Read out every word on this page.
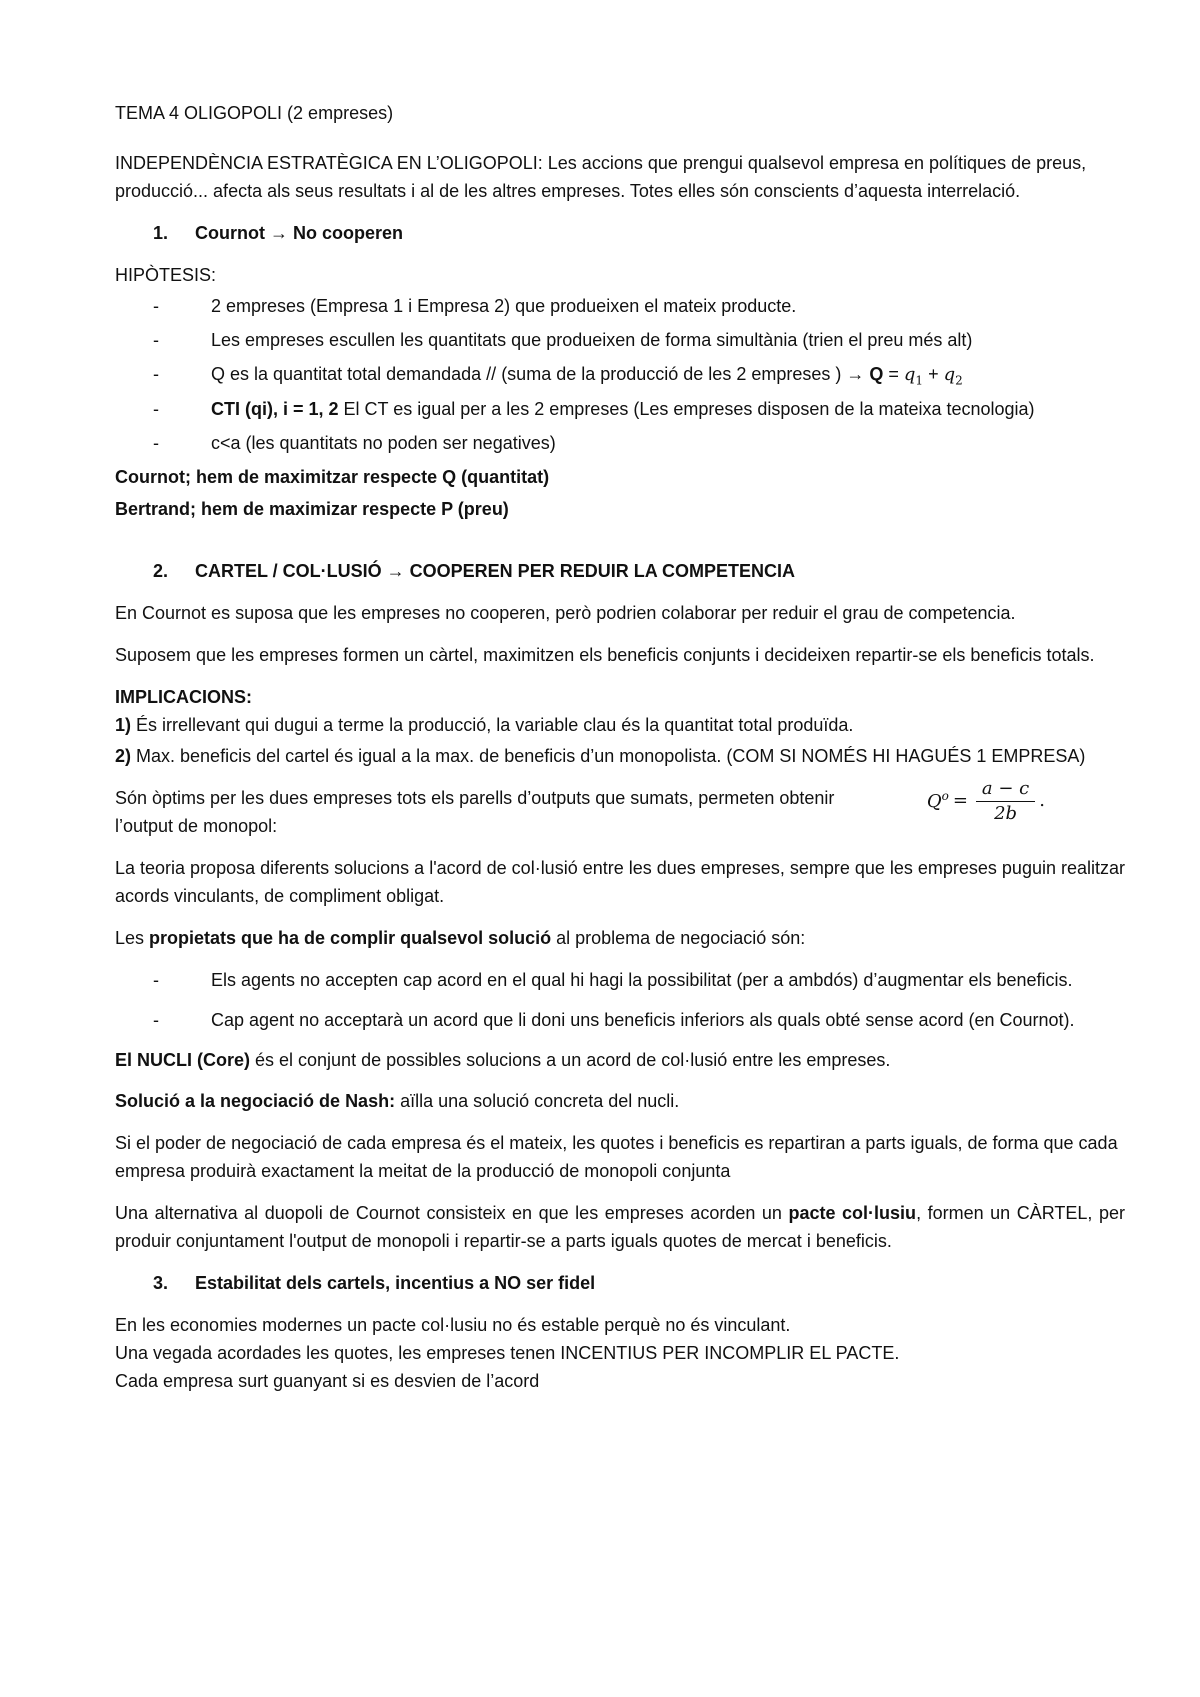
TEMA 4 OLIGOPOLI (2 empreses)

INDEPENDÈNCIA ESTRATÈGICA EN L’OLIGOPOLI: Les accions que prengui qualsevol empresa en polítiques de preus, producció... afecta als seus resultats i al de les altres empreses. Totes elles són conscients d’aquesta interrelació.

1.	Cournot → No cooperen

HIPÒTESIS:

-	2 empreses (Empresa 1 i Empresa 2) que produeixen el mateix producte.
-	Les empreses escullen les quantitats que produeixen de forma simultània (trien el preu més alt)
-	Q es la quantitat total demandada // (suma de la producció de les 2 empreses ) → $Q = q_1 + q_2$
-	CTI (qi), i = 1, 2 El CT es igual per a les 2 empreses (Les empreses disposen de la mateixa tecnologia)
-	c<a (les quantitats no poden ser negatives)

Cournot; hem de maximitzar respecte Q (quantitat)

Bertrand; hem de maximizar respecte P (preu)

2.	CARTEL / COL·LUSIÓ → COOPEREN PER REDUIR LA COMPETENCIA

En Cournot es suposa que les empreses no cooperen, però podrien colaborar per reduir el grau de competencia.

Suposem que les empreses formen un càrtel, maximitzen els beneficis conjunts i decideixen repartir-se els beneficis totals.

IMPLICACIONS:

1) És irrellevant qui dugui a terme la producció, la variable clau és la quantitat total produïda.

2) Max. beneficis del cartel és igual a la max. de beneficis d’un monopolista. (COM SI NOMÉS HI HAGUÉS 1 EMPRESA)

Són òptims per les dues empreses tots els parells d’outputs que sumats, permeten obtenir l’output de monopol:

$Q^o = \frac{a - c}{2b}$ .

La teoria proposa diferents solucions a l'acord de col·lusió entre les dues empreses, sempre que les empreses puguin realitzar acords vinculants, de compliment obligat.

Les propietats que ha de complir qualsevol solució al problema de negociació són:

-	Els agents no accepten cap acord en el qual hi hagi la possibilitat (per a ambdós) d’augmentar els beneficis.
-	Cap agent no acceptarà un acord que li doni uns beneficis inferiors als quals obté sense acord (en Cournot).

El NUCLI (Core) és el conjunt de possibles solucions a un acord de col·lusió entre les empreses.

Solució a la negociació de Nash: aïlla una solució concreta del nucli.

Si el poder de negociació de cada empresa és el mateix, les quotes i beneficis es repartiran a parts iguals, de forma que cada empresa produirà exactament la meitat de la producció de monopoli conjunta

Una alternativa al duopoli de Cournot consisteix en que les empreses acorden un pacte col·lusiu, formen un CÀRTEL, per produir conjuntament l'output de monopoli i repartir-se a parts iguals quotes de mercat i beneficis.

3.	Estabilitat dels cartels, incentius a NO ser fidel

En les economies modernes un pacte col·lusiu no és estable perquè no és vinculant.

Una vegada acordades les quotes, les empreses tenen INCENTIUS PER INCOMPLIR EL PACTE.

Cada empresa surt guanyant si es desvien de l’acord
